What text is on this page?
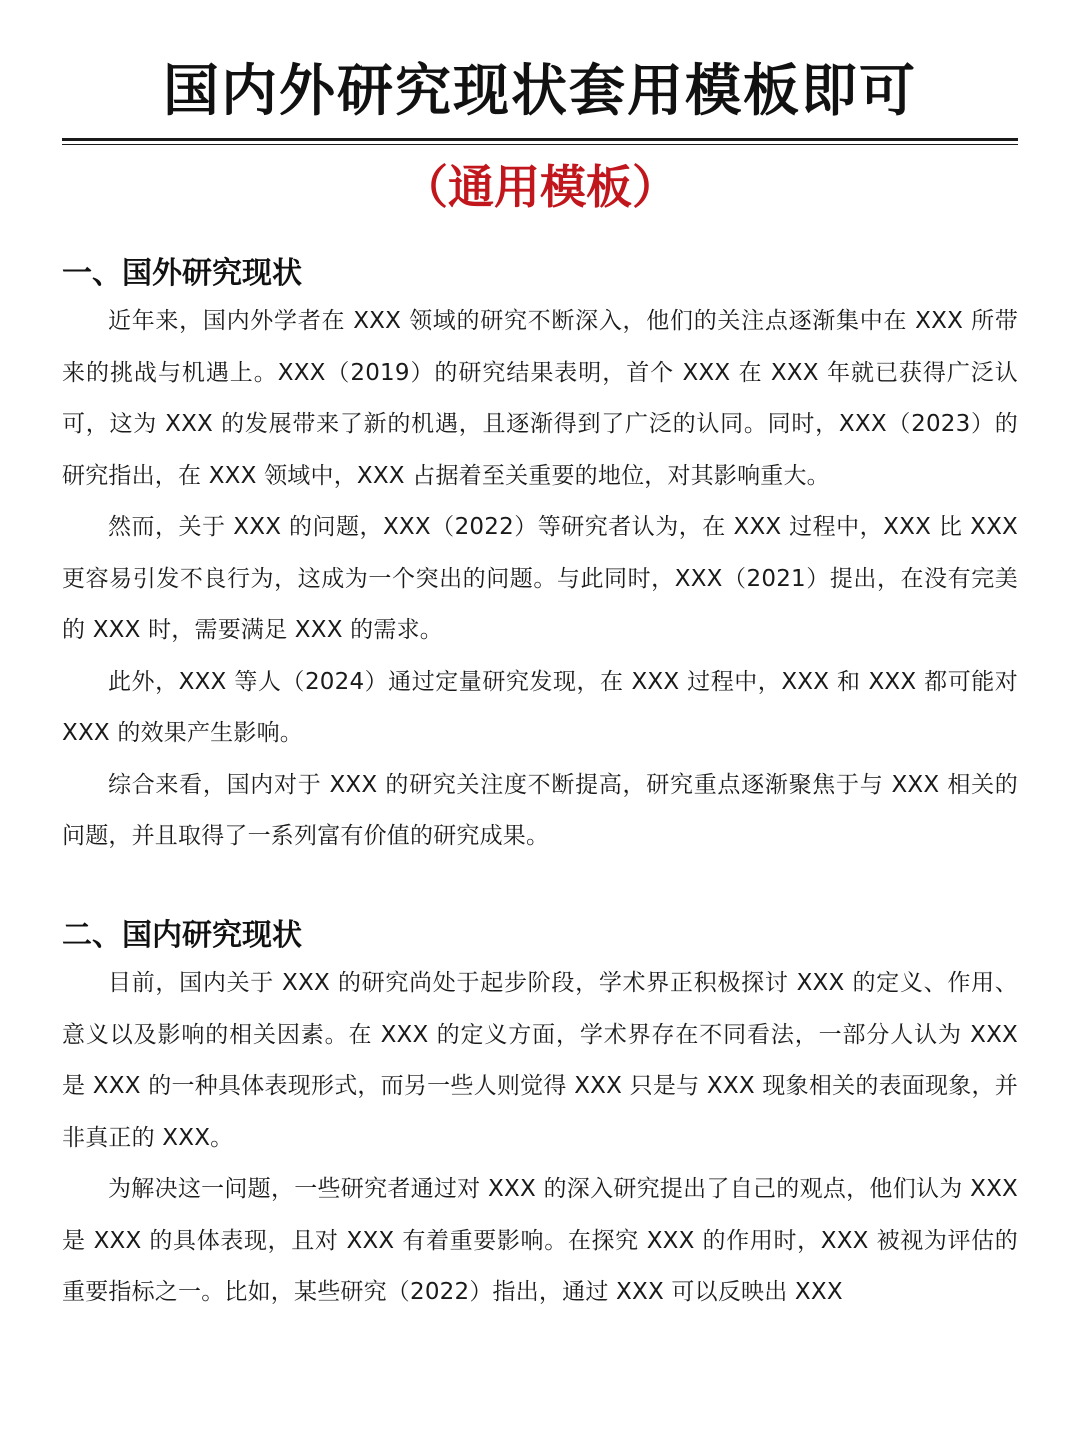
国内外研究现状套用模板即可
（通用模板）
一、国外研究现状

近年来，国内外学者在 XXX 领域的研究不断深入，他们的关注点逐渐集中在 XXX 所带来的挑战与机遇上。XXX（2019）的研究结果表明，首个 XXX 在 XXX 年就已获得广泛认可，这为 XXX 的发展带来了新的机遇，且逐渐得到了广泛的认同。同时，XXX（2023）的研究指出，在 XXX 领域中，XXX 占据着至关重要的地位，对其影响重大。

然而，关于 XXX 的问题，XXX（2022）等研究者认为，在 XXX 过程中，XXX 比 XXX 更容易引发不良行为，这成为一个突出的问题。与此同时，XXX（2021）提出，在没有完美的 XXX 时，需要满足 XXX 的需求。

此外，XXX 等人（2024）通过定量研究发现，在 XXX 过程中，XXX 和 XXX 都可能对 XXX 的效果产生影响。

综合来看，国内对于 XXX 的研究关注度不断提高，研究重点逐渐聚焦于与 XXX 相关的问题，并且取得了一系列富有价值的研究成果。

二、国内研究现状

目前，国内关于 XXX 的研究尚处于起步阶段，学术界正积极探讨 XXX 的定义、作用、意义以及影响的相关因素。在 XXX 的定义方面，学术界存在不同看法，一部分人认为 XXX 是 XXX 的一种具体表现形式，而另一些人则觉得 XXX 只是与 XXX 现象相关的表面现象，并非真正的 XXX。

为解决这一问题，一些研究者通过对 XXX 的深入研究提出了自己的观点，他们认为 XXX 是 XXX 的具体表现，且对 XXX 有着重要影响。在探究 XXX 的作用时，XXX 被视为评估的重要指标之一。比如，某些研究（2022）指出，通过 XXX 可以反映出 XXX
